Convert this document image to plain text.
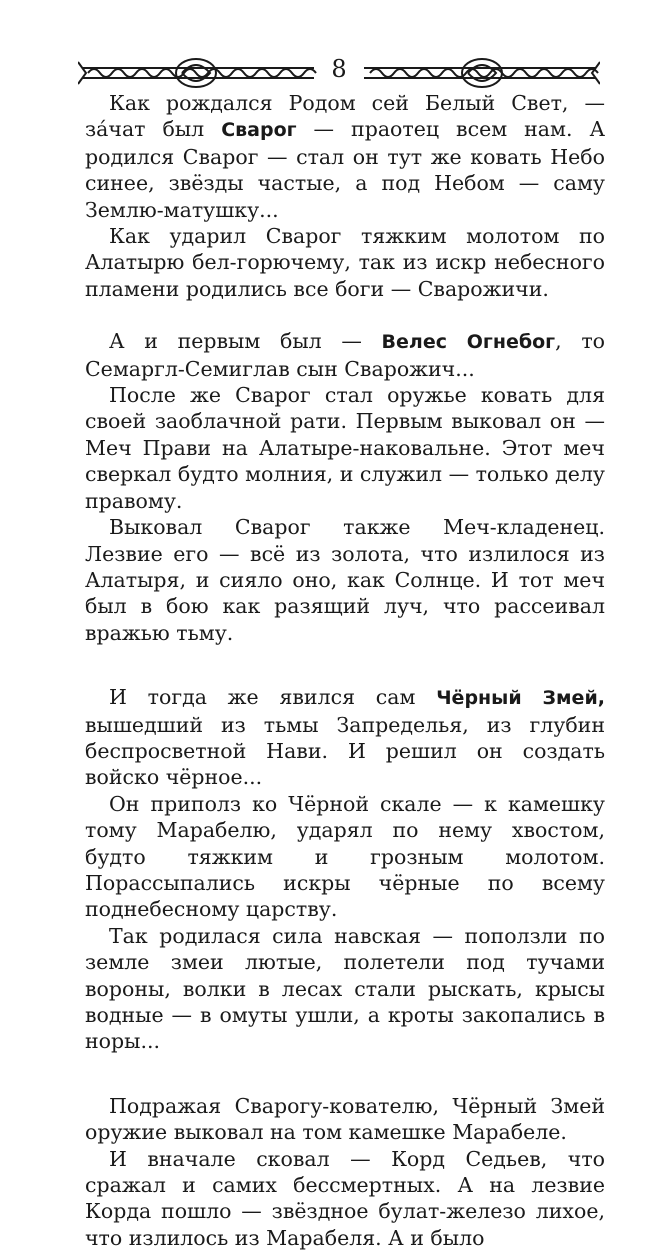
8

Как рождался Родом сей Белый Свет, — за́чат был Сварог — праотец всем нам. А родился Сварог — стал он тут же ковать Небо синее, звёзды частые, а под Небом — саму Землю-матушку...

Как ударил Сварог тяжким молотом по Алатырю бел-горючему, так из искр небесного пламени родились все боги — Сварожичи.

А и первым был — Велес Огнебог, то Семаргл-Семиглав сын Сварожич...

После же Сварог стал оружье ковать для своей заоблачной рати. Первым выковал он — Меч Прави на Алатыре-наковальне. Этот меч сверкал будто молния, и служил — только делу правому.

Выковал Сварог также Меч-кладенец. Лезвие его — всё из золота, что излилося из Алатыря, и сияло оно, как Солнце. И тот меч был в бою как разящий луч, что рассеивал вражью тьму.

И тогда же явился сам Чёрный Змей, вышедший из тьмы Запределья, из глубин беспросветной Нави. И решил он создать войско чёрное...

Он приполз ко Чёрной скале — к камешку тому Марабелю, ударял по нему хвостом, будто тяжким и грозным молотом. Порассыпались искры чёрные по всему поднебесному царству.

Так родилася сила навская — поползли по земле змеи лютые, полетели под тучами вороны, волки в лесах стали рыскать, крысы водные — в омуты ушли, а кроты закопались в норы...

Подражая Сварогу-кователю, Чёрный Змей оружие выковал на том камешке Марабеле.

И вначале сковал — Корд Седьев, что сражал и самих бессмертных. А на лезвие Корда пошло — звёздное булат-железо лихое, что излилось из Марабеля. А и было
